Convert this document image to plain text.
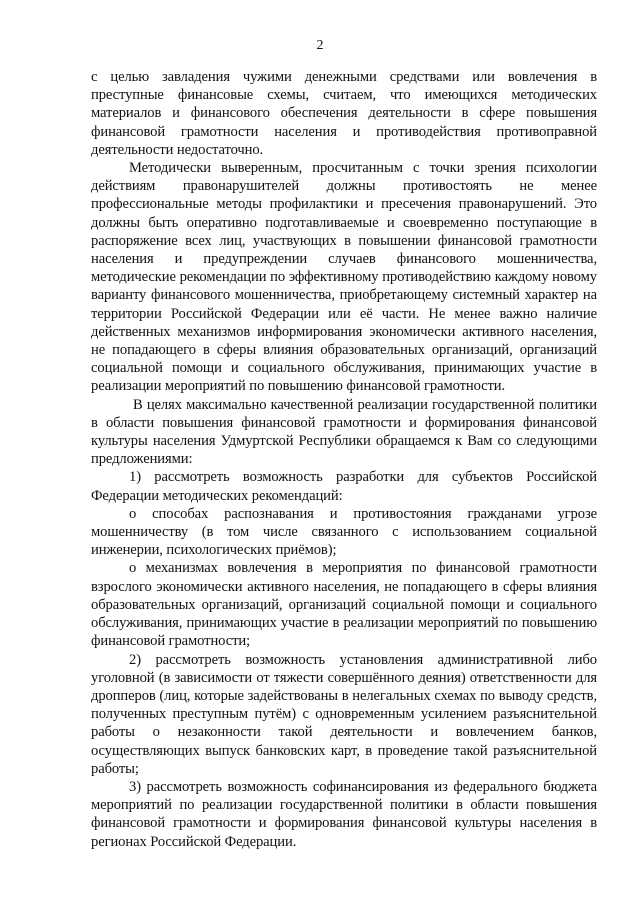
2

с целью завладения чужими денежными средствами или вовлечения в преступные финансовые схемы, считаем, что имеющихся методических материалов и финансового обеспечения деятельности в сфере повышения финансовой грамотности населения и противодействия противоправной деятельности недостаточно.

Методически выверенным, просчитанным с точки зрения психологии действиям правонарушителей должны противостоять не менее профессиональные методы профилактики и пресечения правонарушений. Это должны быть оперативно подготавливаемые и своевременно поступающие в распоряжение всех лиц, участвующих в повышении финансовой грамотности населения и предупреждении случаев финансового мошенничества, методические рекомендации по эффективному противодействию каждому новому варианту финансового мошенничества, приобретающему системный характер на территории Российской Федерации или её части. Не менее важно наличие действенных механизмов информирования экономически активного населения, не попадающего в сферы влияния образовательных организаций, организаций социальной помощи и социального обслуживания, принимающих участие в реализации мероприятий по повышению финансовой грамотности.

В целях максимально качественной реализации государственной политики в области повышения финансовой грамотности и формирования финансовой культуры населения Удмуртской Республики обращаемся к Вам со следующими предложениями:

1) рассмотреть возможность разработки для субъектов Российской Федерации методических рекомендаций:

о способах распознавания и противостояния гражданами угрозе мошенничеству (в том числе связанного с использованием социальной инженерии, психологических приёмов);

о механизмах вовлечения в мероприятия по финансовой грамотности взрослого экономически активного населения, не попадающего в сферы влияния образовательных организаций, организаций социальной помощи и социального обслуживания, принимающих участие в реализации мероприятий по повышению финансовой грамотности;

2) рассмотреть возможность установления административной либо уголовной (в зависимости от тяжести совершённого деяния) ответственности для дропперов (лиц, которые задействованы в нелегальных схемах по выводу средств, полученных преступным путём) с одновременным усилением разъяснительной работы о незаконности такой деятельности и вовлечением банков, осуществляющих выпуск банковских карт, в проведение такой разъяснительной работы;

3) рассмотреть возможность софинансирования из федерального бюджета мероприятий по реализации государственной политики в области повышения финансовой грамотности и формирования финансовой культуры населения в регионах Российской Федерации.
